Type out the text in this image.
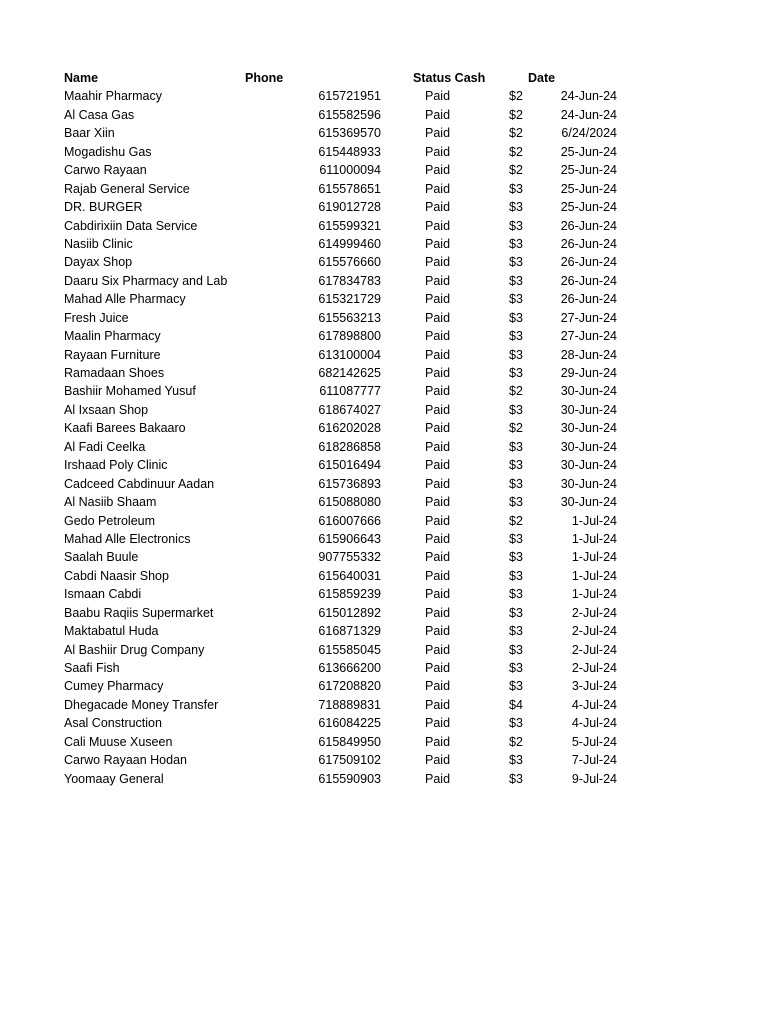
Name	Phone	Status Cash	Date
Maahir Pharmacy	615721951	Paid	$2	24-Jun-24
Al Casa Gas	615582596	Paid	$2	24-Jun-24
Baar Xiin	615369570	Paid	$2	6/24/2024
Mogadishu Gas	615448933	Paid	$2	25-Jun-24
Carwo Rayaan	611000094	Paid	$2	25-Jun-24
Rajab General Service	615578651	Paid	$3	25-Jun-24
DR. BURGER	619012728	Paid	$3	25-Jun-24
Cabdirixiin Data Service	615599321	Paid	$3	26-Jun-24
Nasiib Clinic	614999460	Paid	$3	26-Jun-24
Dayax Shop	615576660	Paid	$3	26-Jun-24
Daaru Six Pharmacy and Lab	617834783	Paid	$3	26-Jun-24
Mahad Alle Pharmacy	615321729	Paid	$3	26-Jun-24
Fresh Juice	615563213	Paid	$3	27-Jun-24
Maalin Pharmacy	617898800	Paid	$3	27-Jun-24
Rayaan Furniture	613100004	Paid	$3	28-Jun-24
Ramadaan Shoes	682142625	Paid	$3	29-Jun-24
Bashiir Mohamed Yusuf	611087777	Paid	$2	30-Jun-24
Al Ixsaan Shop	618674027	Paid	$3	30-Jun-24
Kaafi Barees Bakaaro	616202028	Paid	$2	30-Jun-24
Al Fadi Ceelka	618286858	Paid	$3	30-Jun-24
Irshaad Poly Clinic	615016494	Paid	$3	30-Jun-24
Cadceed Cabdinuur Aadan	615736893	Paid	$3	30-Jun-24
Al Nasiib Shaam	615088080	Paid	$3	30-Jun-24
Gedo Petroleum	616007666	Paid	$2	1-Jul-24
Mahad Alle Electronics	615906643	Paid	$3	1-Jul-24
Saalah Buule	907755332	Paid	$3	1-Jul-24
Cabdi Naasir Shop	615640031	Paid	$3	1-Jul-24
Ismaan Cabdi	615859239	Paid	$3	1-Jul-24
Baabu Raqiis Supermarket	615012892	Paid	$3	2-Jul-24
Maktabatul Huda	616871329	Paid	$3	2-Jul-24
Al Bashiir Drug Company	615585045	Paid	$3	2-Jul-24
Saafi Fish	613666200	Paid	$3	2-Jul-24
Cumey Pharmacy	617208820	Paid	$3	3-Jul-24
Dhegacade Money Transfer	718889831	Paid	$4	4-Jul-24
Asal Construction	616084225	Paid	$3	4-Jul-24
Cali Muuse Xuseen	615849950	Paid	$2	5-Jul-24
Carwo Rayaan Hodan	617509102	Paid	$3	7-Jul-24
Yoomaay General	615590903	Paid	$3	9-Jul-24
